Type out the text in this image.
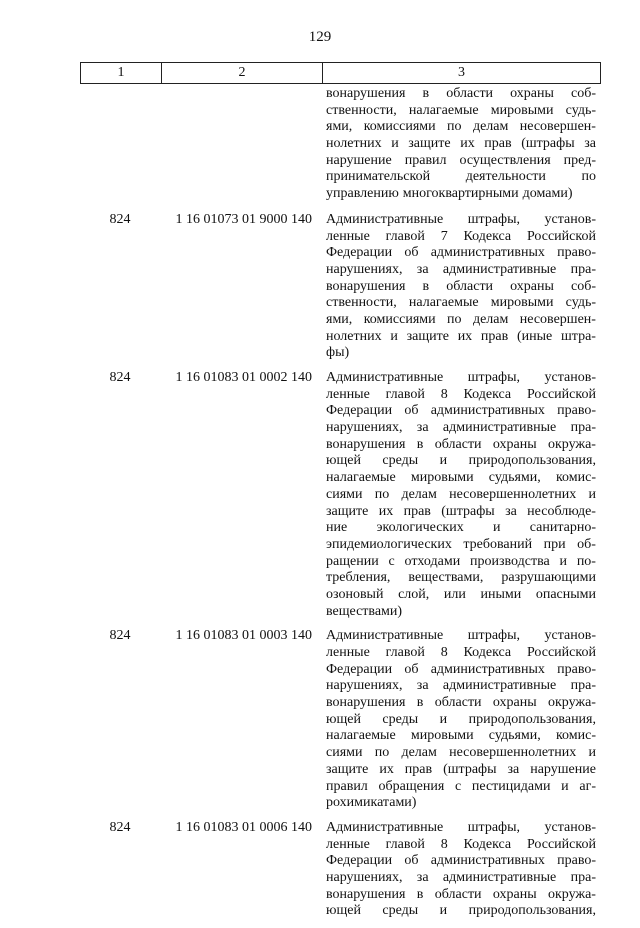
129
1	2	3
вонарушения в области охраны соб-
ственности, налагаемые мировыми судь-
ями, комиссиями по делам несовершен-
нолетних и защите их прав (штрафы за
нарушение правил осуществления пред-
принимательской	деятельности	по
управлению многоквартирными домами)
824	1 16 01073 01 9000 140	Административные штрафы, установ-
ленные главой 7 Кодекса Российской
Федерации об административных право-
нарушениях, за административные пра-
вонарушения в области охраны соб-
ственности, налагаемые мировыми судь-
ями, комиссиями по делам несовершен-
нолетних и защите их прав (иные штра-
фы)
824	1 16 01083 01 0002 140	Административные штрафы, установ-
ленные главой 8 Кодекса Российской
Федерации об административных право-
нарушениях, за административные пра-
вонарушения в области охраны окружа-
ющей среды и природопользования,
налагаемые мировыми судьями, комис-
сиями по делам несовершеннолетних и
защите их прав (штрафы за несоблюде-
ние экологических и санитарно-
эпидемиологических требований при об-
ращении с отходами производства и по-
требления, веществами, разрушающими
озоновый слой, или иными опасными
веществами)
824	1 16 01083 01 0003 140	Административные штрафы, установ-
ленные главой 8 Кодекса Российской
Федерации об административных право-
нарушениях, за административные пра-
вонарушения в области охраны окружа-
ющей среды и природопользования,
налагаемые мировыми судьями, комис-
сиями по делам несовершеннолетних и
защите их прав (штрафы за нарушение
правил обращения с пестицидами и аг-
рохимикатами)
824	1 16 01083 01 0006 140	Административные штрафы, установ-
ленные главой 8 Кодекса Российской
Федерации об административных право-
нарушениях, за административные пра-
вонарушения в области охраны окружа-
ющей среды и природопользования,
